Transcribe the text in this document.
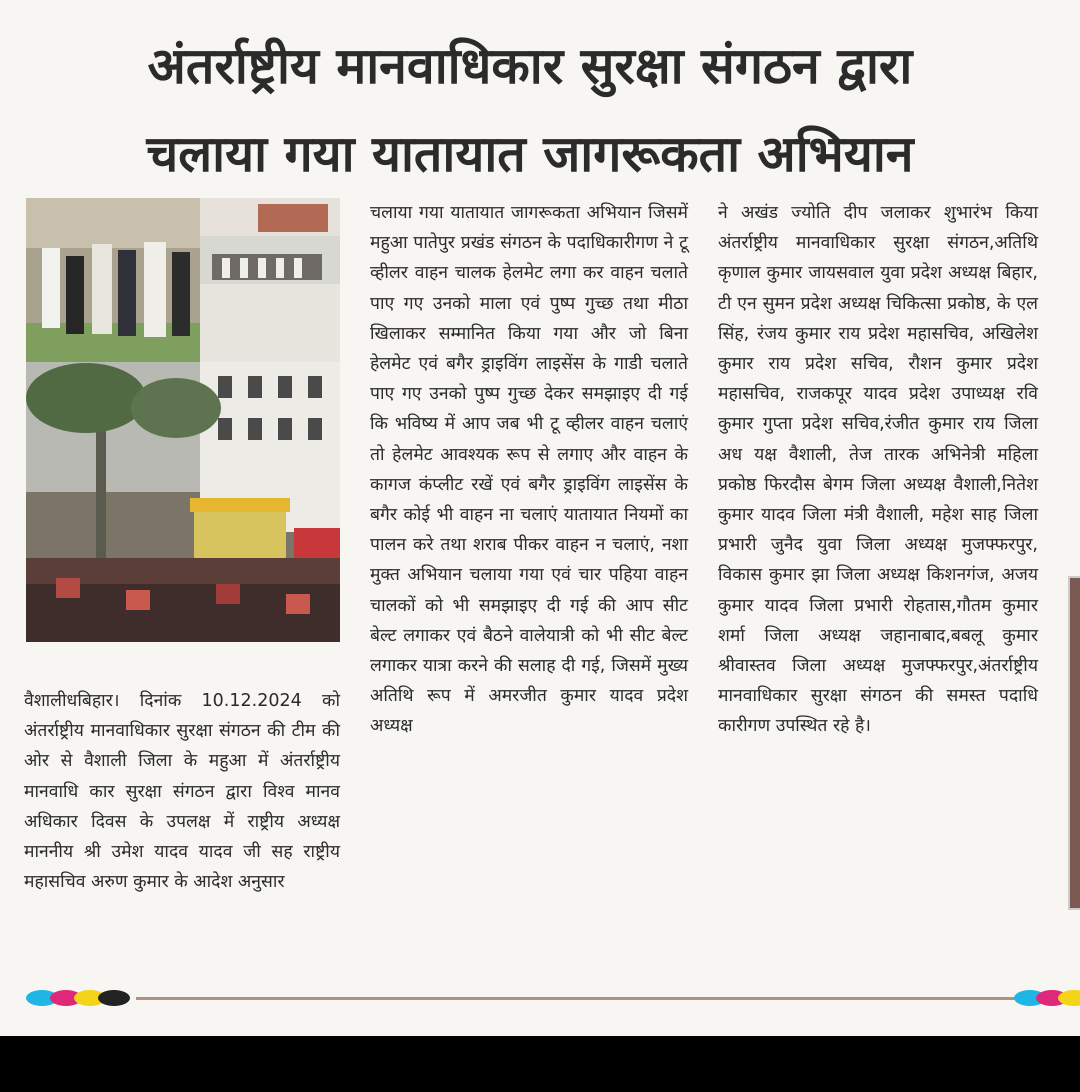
अंतर्राष्ट्रीय मानवाधिकार सुरक्षा संगठन द्वारा
चलाया गया यातायात जागरूकता अभियान

वैशालीधबिहार। दिनांक 10.12.2024 को अंतर्राष्ट्रीय मानवाधिकार सुरक्षा संगठन की टीम की ओर से वैशाली जिला के महुआ में अंतर्राष्ट्रीय मानवाधि कार सुरक्षा संगठन द्वारा विश्व मानव अधिकार दिवस के उपलक्ष में राष्ट्रीय अध्यक्ष माननीय श्री उमेश यादव यादव जी सह राष्ट्रीय महासचिव अरुण कुमार के आदेश अनुसार

चलाया गया यातायात जागरूकता अभियान जिसमें महुआ पातेपुर प्रखंड संगठन के पदाधिकारीगण ने टू व्हीलर वाहन चालक हेलमेट लगा कर वाहन चलाते पाए गए उनको माला एवं पुष्प गुच्छ तथा मीठा खिलाकर सम्मानित किया गया और जो बिना हेलमेट एवं बगैर ड्राइविंग लाइसेंस के गाडी चलाते पाए गए उनको पुष्प गुच्छ देकर समझाइए दी गई कि भविष्य में आप जब भी टू व्हीलर वाहन चलाएं तो हेलमेट आवश्यक रूप से लगाए और वाहन के कागज कंप्लीट रखें एवं बगैर ड्राइविंग लाइसेंस के बगैर कोई भी वाहन ना चलाएं यातायात नियमों का पालन करे तथा शराब पीकर वाहन न चलाएं, नशा मुक्त अभियान चलाया गया एवं चार पहिया वाहन चालकों को भी समझाइए दी गई की आप सीट बेल्ट लगाकर एवं बैठने वालेयात्री को भी सीट बेल्ट लगाकर यात्रा करने की सलाह दी गई, जिसमें मुख्य अतिथि रूप में अमरजीत कुमार यादव प्रदेश अध्यक्ष

ने अखंड ज्योति दीप जलाकर शुभारंभ किया अंतर्राष्ट्रीय मानवाधिकार सुरक्षा संगठन,अतिथि कृणाल कुमार जायसवाल युवा प्रदेश अध्यक्ष बिहार, टी एन सुमन प्रदेश अध्यक्ष चिकित्सा प्रकोष्ठ, के एल सिंह, रंजय कुमार राय प्रदेश महासचिव, अखिलेश कुमार राय प्रदेश सचिव, रौशन कुमार प्रदेश महासचिव, राजकपूर यादव प्रदेश उपाध्यक्ष रवि कुमार गुप्ता प्रदेश सचिव,रंजीत कुमार राय जिला अध यक्ष वैशाली, तेज तारक अभिनेत्री महिला प्रकोष्ठ फिरदौस बेगम जिला अध्यक्ष वैशाली,नितेश कुमार यादव जिला मंत्री वैशाली, महेश साह जिला प्रभारी जुनैद युवा जिला अध्यक्ष मुजफ्फरपुर, विकास कुमार झा जिला अध्यक्ष किशनगंज, अजय कुमार यादव जिला प्रभारी रोहतास,गौतम कुमार शर्मा जिला अध्यक्ष जहानाबाद,बबलू कुमार श्रीवास्तव जिला अध्यक्ष मुजफ्फरपुर,अंतर्राष्ट्रीय मानवाधिकार सुरक्षा संगठन की समस्त पदाधि कारीगण उपस्थित रहे है।
